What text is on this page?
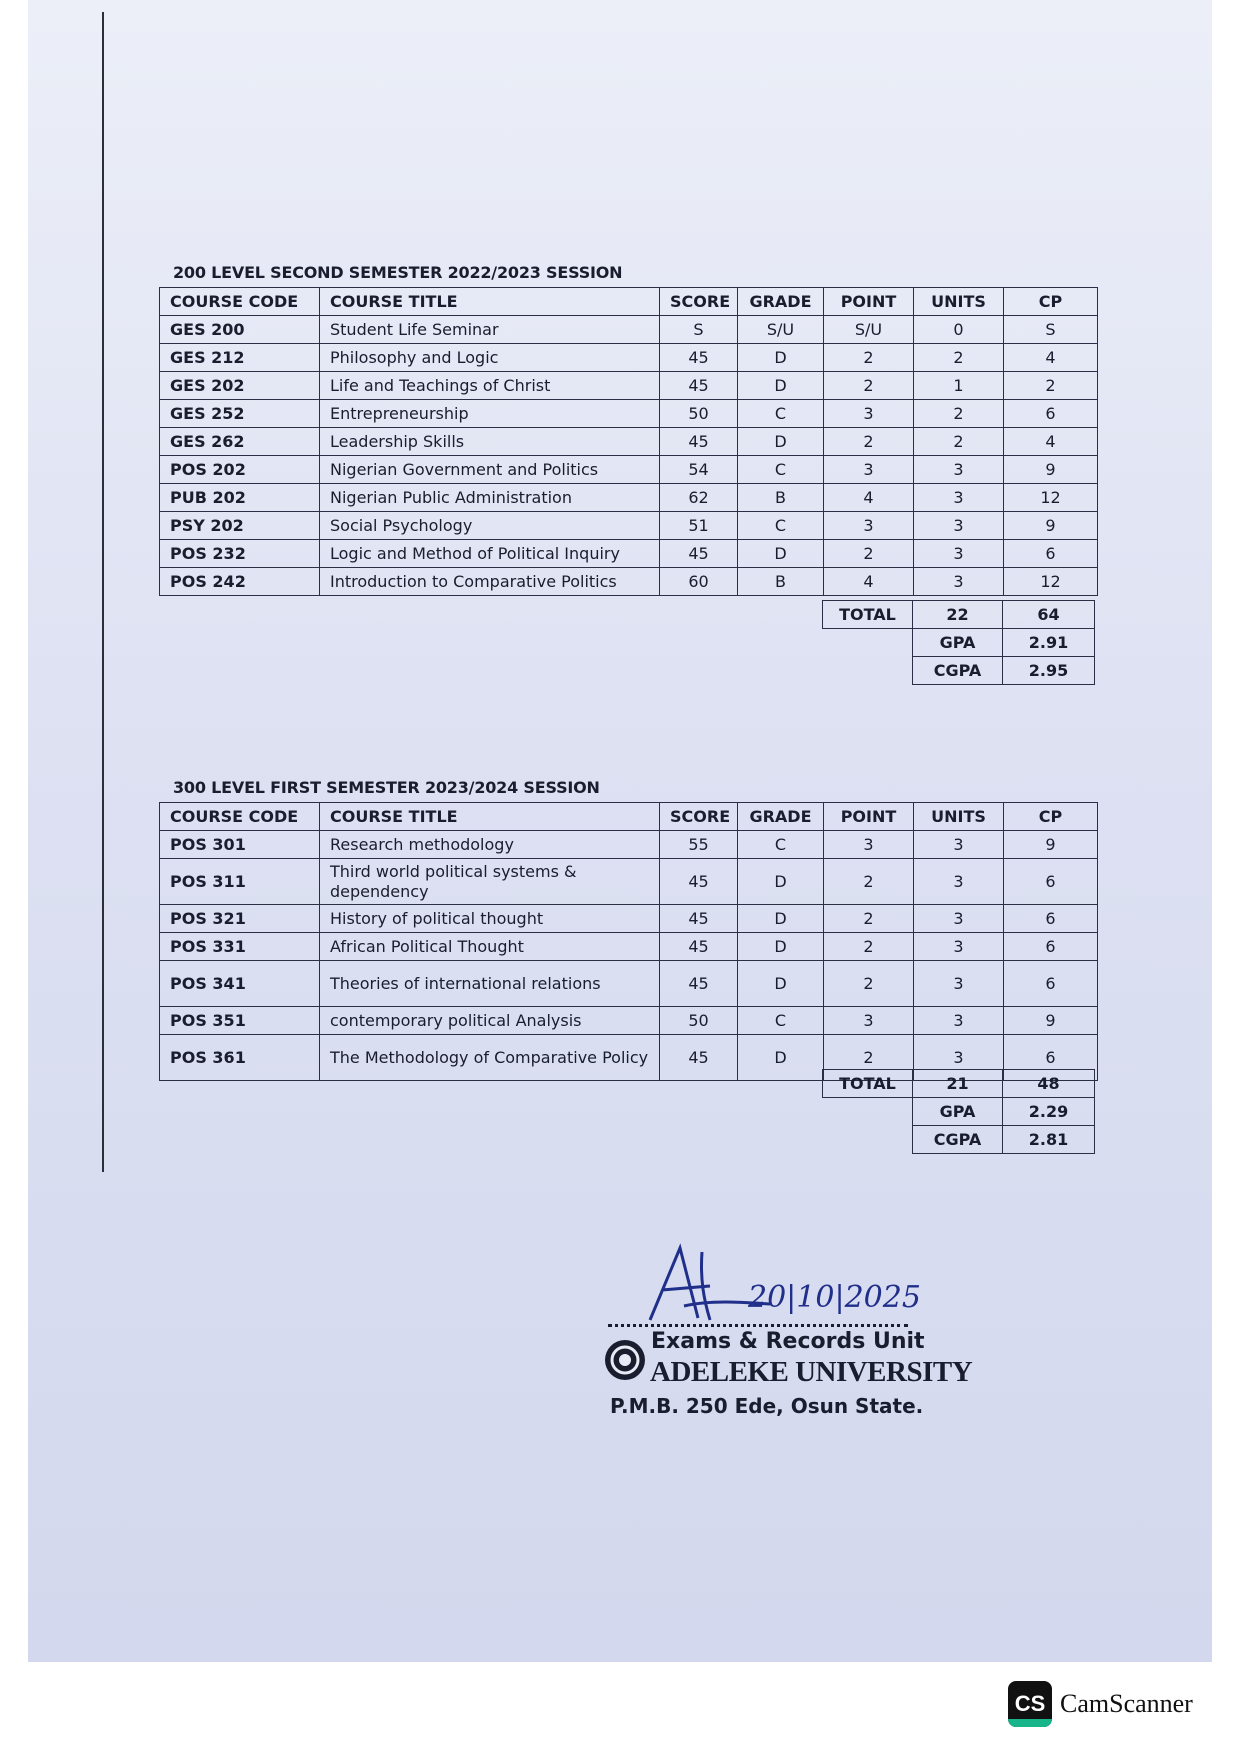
200 LEVEL SECOND SEMESTER 2022/2023 SESSION
COURSE CODE	COURSE TITLE	SCORE	GRADE	POINT	UNITS	CP
GES 200	Student Life Seminar	S	S/U	S/U	0	S
GES 212	Philosophy and Logic	45	D	2	2	4
GES 202	Life and Teachings of Christ	45	D	2	1	2
GES 252	Entrepreneurship	50	C	3	2	6
GES 262	Leadership Skills	45	D	2	2	4
POS 202	Nigerian Government and Politics	54	C	3	3	9
PUB 202	Nigerian Public Administration	62	B	4	3	12
PSY 202	Social Psychology	51	C	3	3	9
POS 232	Logic and Method of Political Inquiry	45	D	2	3	6
POS 242	Introduction to Comparative Politics	60	B	4	3	12
TOTAL	22	64
	GPA	2.91
	CGPA	2.95
300 LEVEL FIRST SEMESTER 2023/2024 SESSION
COURSE CODE	COURSE TITLE	SCORE	GRADE	POINT	UNITS	CP
POS 301	Research methodology	55	C	3	3	9
POS 311	Third world political systems & dependency	45	D	2	3	6
POS 321	History of political thought	45	D	2	3	6
POS 331	African Political Thought	45	D	2	3	6
POS 341	Theories of international relations	45	D	2	3	6
POS 351	contemporary political Analysis	50	C	3	3	9
POS 361	The Methodology of Comparative Policy	45	D	2	3	6
TOTAL	21	48
	GPA	2.29
	CGPA	2.81
20|10|2025
Exams & Records Unit
ADELEKE UNIVERSITY
P.M.B. 250 Ede, Osun State.
CS CamScanner
